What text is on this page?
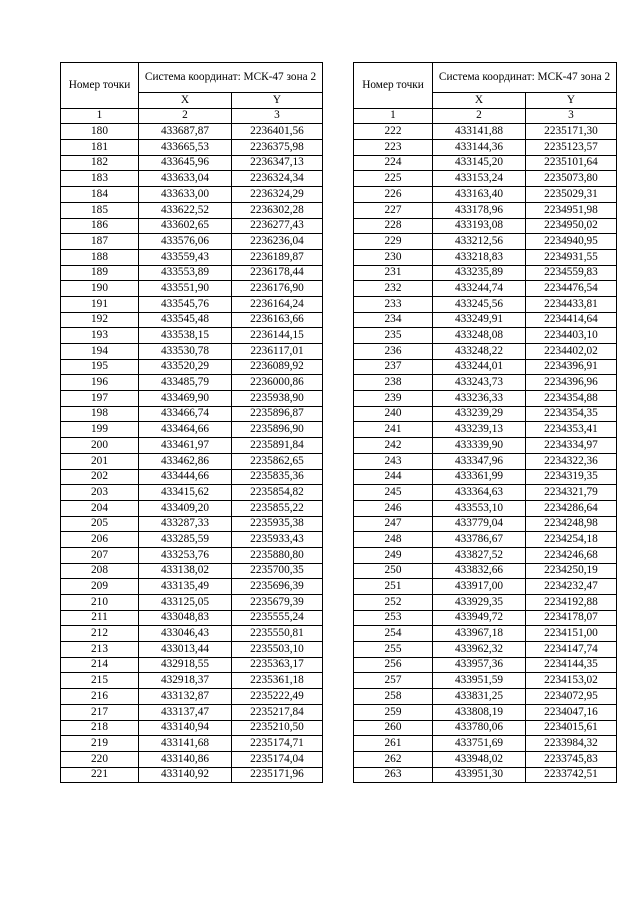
Номер точки	Система координат: МСК-47 зона 2	
	X	Y
1	2	3
180	433687,87	2236401,56
181	433665,53	2236375,98
182	433645,96	2236347,13
183	433633,04	2236324,34
184	433633,00	2236324,29
185	433622,52	2236302,28
186	433602,65	2236277,43
187	433576,06	2236236,04
188	433559,43	2236189,87
189	433553,89	2236178,44
190	433551,90	2236176,90
191	433545,76	2236164,24
192	433545,48	2236163,66
193	433538,15	2236144,15
194	433530,78	2236117,01
195	433520,29	2236089,92
196	433485,79	2236000,86
197	433469,90	2235938,90
198	433466,74	2235896,87
199	433464,66	2235896,90
200	433461,97	2235891,84
201	433462,86	2235862,65
202	433444,66	2235835,36
203	433415,62	2235854,82
204	433409,20	2235855,22
205	433287,33	2235935,38
206	433285,59	2235933,43
207	433253,76	2235880,80
208	433138,02	2235700,35
209	433135,49	2235696,39
210	433125,05	2235679,39
211	433048,83	2235555,24
212	433046,43	2235550,81
213	433013,44	2235503,10
214	432918,55	2235363,17
215	432918,37	2235361,18
216	433132,87	2235222,49
217	433137,47	2235217,84
218	433140,94	2235210,50
219	433141,68	2235174,71
220	433140,86	2235174,04
221	433140,92	2235171,96
Номер точки	Система координат: МСК-47 зона 2	
	X	Y
1	2	3
222	433141,88	2235171,30
223	433144,36	2235123,57
224	433145,20	2235101,64
225	433153,24	2235073,80
226	433163,40	2235029,31
227	433178,96	2234951,98
228	433193,08	2234950,02
229	433212,56	2234940,95
230	433218,83	2234931,55
231	433235,89	2234559,83
232	433244,74	2234476,54
233	433245,56	2234433,81
234	433249,91	2234414,64
235	433248,08	2234403,10
236	433248,22	2234402,02
237	433244,01	2234396,91
238	433243,73	2234396,96
239	433236,33	2234354,88
240	433239,29	2234354,35
241	433239,13	2234353,41
242	433339,90	2234334,97
243	433347,96	2234322,36
244	433361,99	2234319,35
245	433364,63	2234321,79
246	433553,10	2234286,64
247	433779,04	2234248,98
248	433786,67	2234254,18
249	433827,52	2234246,68
250	433832,66	2234250,19
251	433917,00	2234232,47
252	433929,35	2234192,88
253	433949,72	2234178,07
254	433967,18	2234151,00
255	433962,32	2234147,74
256	433957,36	2234144,35
257	433951,59	2234153,02
258	433831,25	2234072,95
259	433808,19	2234047,16
260	433780,06	2234015,61
261	433751,69	2233984,32
262	433948,02	2233745,83
263	433951,30	2233742,51
